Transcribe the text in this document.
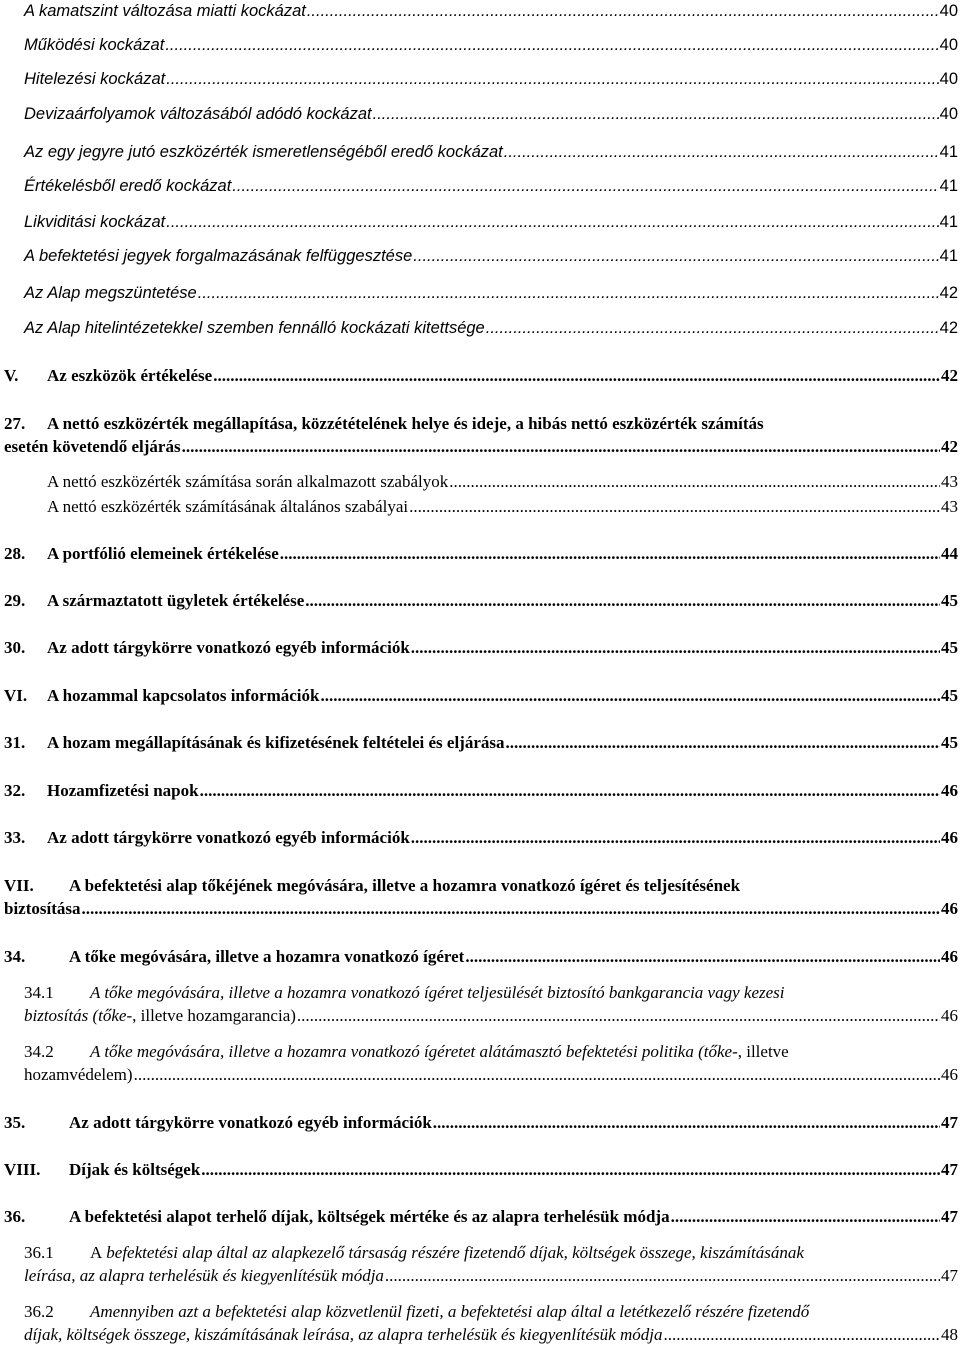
A kamatszint változása miatti kockázat .....	40
Működési kockázat .....	40
Hitelezési kockázat .....	40
Devizaárfolyamok változásából adódó kockázat .....	40
Az egy jegyre jutó eszközérték ismeretlenségéből eredő kockázat .....	41
Értékelésből eredő kockázat .....	41
Likviditási kockázat .....	41
A befektetési jegyek forgalmazásának felfüggesztése .....	41
Az Alap megszüntetése .....	42
Az Alap hitelintézetekkel szemben fennálló kockázati kitettsége .....	42
V.	Az eszközök értékelése .....	42
27.	A nettó eszközérték megállapítása, közzétételének helye és ideje, a hibás nettó eszközérték számítás
esetén követendő eljárás .....	42
A nettó eszközérték számítása során alkalmazott szabályok .....	43
A nettó eszközérték számításának általános szabályai .....	43
28.	A portfólió elemeinek értékelése .....	44
29.	A származtatott ügyletek értékelése .....	45
30.	Az adott tárgykörre vonatkozó egyéb információk .....	45
VI.	A hozammal kapcsolatos információk .....	45
31.	A hozam megállapításának és kifizetésének feltételei és eljárása .....	45
32.	Hozamfizetési napok .....	46
33.	Az adott tárgykörre vonatkozó egyéb információk .....	46
VII.	A befektetési alap tőkéjének megóvására, illetve a hozamra vonatkozó ígéret és teljesítésének
biztosítása .....	46
34.	A tőke megóvására, illetve a hozamra vonatkozó ígéret .....	46
34.1	A tőke megóvására, illetve a hozamra vonatkozó ígéret teljesülését biztosító bankgarancia vagy kezesi
biztosítás (tőke -, illetve hozamgarancia) .....	46
34.2	A tőke megóvására, illetve a hozamra vonatkozó ígéretet alátámasztó befektetési politika (tőke -, illetve
hozamvédelem) .....	46
35.	Az adott tárgykörre vonatkozó egyéb információk .....	47
VIII.	Díjak és költségek .....	47
36.	A befektetési alapot terhelő díjak, költségek mértéke és az alapra terhelésük módja .....	47
36.1	A befektetési alap által az alapkezelő társaság részére fizetendő díjak, költségek összege, kiszámításának
leírása, az alapra terhelésük és kiegyenlítésük módja .....	47
36.2	Amennyiben azt a befektetési alap közvetlenül fizeti, a befektetési alap által a letétkezelő részére fizetendő
díjak, költségek összege, kiszámításának leírása, az alapra terhelésük és kiegyenlítésük módja .....	48
